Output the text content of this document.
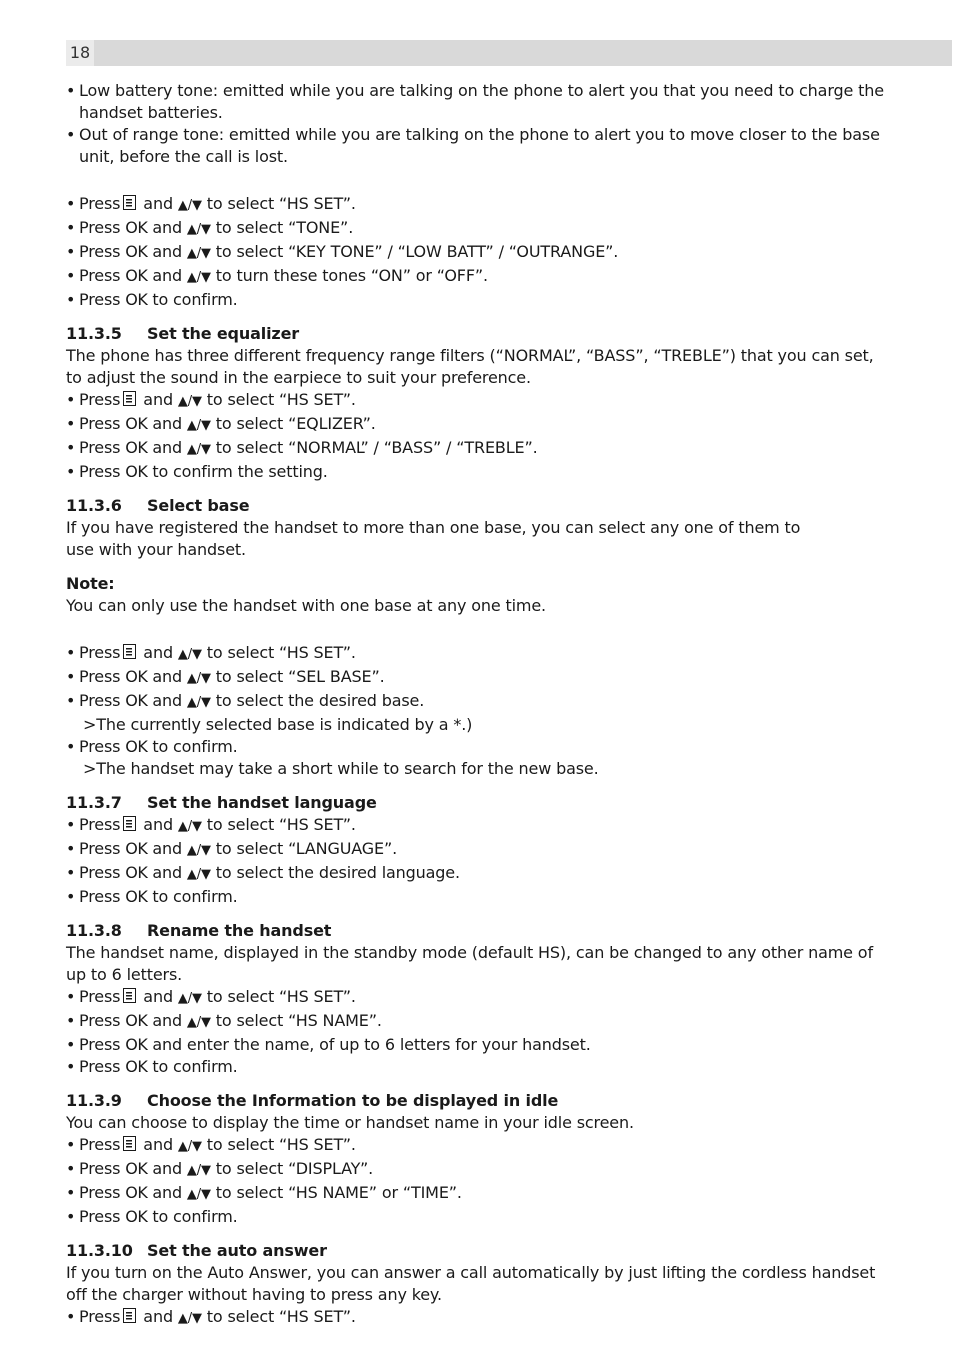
18
• Low battery tone: emitted while you are talking on the phone to alert you that you need to charge the handset batteries.
• Out of range tone: emitted while you are talking on the phone to alert you to move closer to the base unit, before the call is lost.
• Press and ▲/▼ to select “HS SET”.
• Press OK and ▲/▼ to select “TONE”.
• Press OK and ▲/▼ to select “KEY TONE” / “LOW BATT” / “OUTRANGE”.
• Press OK and ▲/▼ to turn these tones “ON” or “OFF”.
• Press OK to confirm.
11.3.5 Set the equalizer
The phone has three different frequency range filters (“NORMAL”, “BASS”, “TREBLE”) that you can set, to adjust the sound in the earpiece to suit your preference.
• Press and ▲/▼ to select “HS SET”.
• Press OK and ▲/▼ to select “EQLIZER”.
• Press OK and ▲/▼ to select “NORMAL” / “BASS” / “TREBLE”.
• Press OK to confirm the setting.
11.3.6 Select base
If you have registered the handset to more than one base, you can select any one of them to use with your handset.
Note:
You can only use the handset with one base at any one time.
• Press and ▲/▼ to select “HS SET”.
• Press OK and ▲/▼ to select “SEL BASE”.
• Press OK and ▲/▼ to select the desired base.
>The currently selected base is indicated by a *.)
• Press OK to confirm.
>The handset may take a short while to search for the new base.
11.3.7 Set the handset language
• Press and ▲/▼ to select “HS SET”.
• Press OK and ▲/▼ to select “LANGUAGE”.
• Press OK and ▲/▼ to select the desired language.
• Press OK to confirm.
11.3.8 Rename the handset
The handset name, displayed in the standby mode (default HS), can be changed to any other name of up to 6 letters.
• Press and ▲/▼ to select “HS SET”.
• Press OK and ▲/▼ to select “HS NAME”.
• Press OK and enter the name, of up to 6 letters for your handset.
• Press OK to confirm.
11.3.9 Choose the Information to be displayed in idle
You can choose to display the time or handset name in your idle screen.
• Press and ▲/▼ to select “HS SET”.
• Press OK and ▲/▼ to select “DISPLAY”.
• Press OK and ▲/▼ to select “HS NAME” or “TIME”.
• Press OK to confirm.
11.3.10 Set the auto answer
If you turn on the Auto Answer, you can answer a call automatically by just lifting the cordless handset off the charger without having to press any key.
• Press and ▲/▼ to select “HS SET”.
